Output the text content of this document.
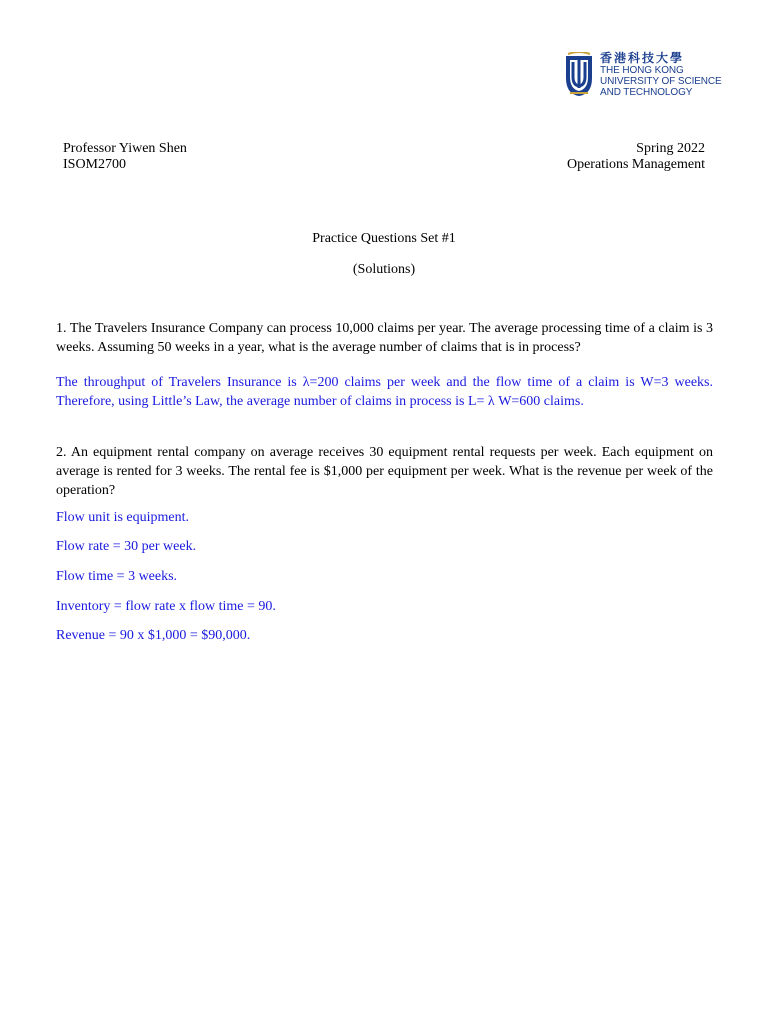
香港科技大學
THE HONG KONG
UNIVERSITY OF SCIENCE
AND TECHNOLOGY
Professor Yiwen Shen
ISOM2700
Spring 2022
Operations Management
Practice Questions Set #1
(Solutions)
1. The Travelers Insurance Company can process 10,000 claims per year. The average processing time of a claim is 3 weeks. Assuming 50 weeks in a year, what is the average number of claims that is in process?
The throughput of Travelers Insurance is λ=200 claims per week and the flow time of a claim is W=3 weeks. Therefore, using Little’s Law, the average number of claims in process is L= λ W=600 claims.
2. An equipment rental company on average receives 30 equipment rental requests per week. Each equipment on average is rented for 3 weeks. The rental fee is $1,000 per equipment per week. What is the revenue per week of the operation?
Flow unit is equipment.
Flow rate = 30 per week.
Flow time = 3 weeks.
Inventory = flow rate x flow time = 90.
Revenue = 90 x $1,000 = $90,000.
